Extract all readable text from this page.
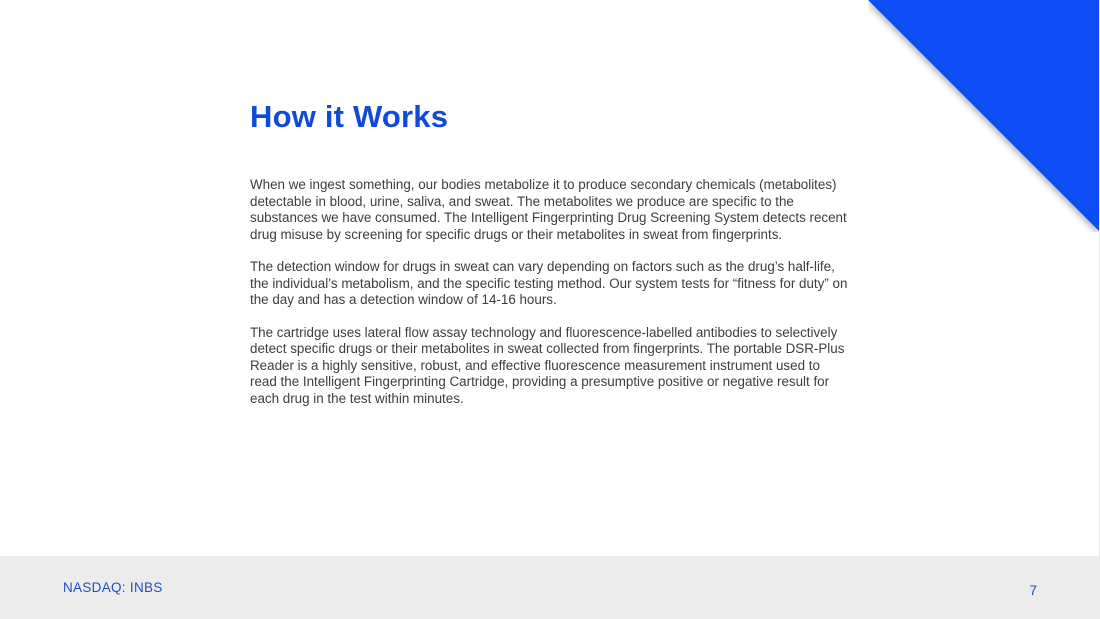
How it Works

When we ingest something, our bodies metabolize it to produce secondary chemicals (metabolites) detectable in blood, urine, saliva, and sweat. The metabolites we produce are specific to the substances we have consumed. The Intelligent Fingerprinting Drug Screening System detects recent drug misuse by screening for specific drugs or their metabolites in sweat from fingerprints.

The detection window for drugs in sweat can vary depending on factors such as the drug’s half-life, the individual’s metabolism, and the specific testing method. Our system tests for “fitness for duty” on the day and has a detection window of 14-16 hours.

The cartridge uses lateral flow assay technology and fluorescence-labelled antibodies to selectively detect specific drugs or their metabolites in sweat collected from fingerprints. The portable DSR-Plus Reader is a highly sensitive, robust, and effective fluorescence measurement instrument used to read the Intelligent Fingerprinting Cartridge, providing a presumptive positive or negative result for each drug in the test within minutes.

NASDAQ: INBS	7
